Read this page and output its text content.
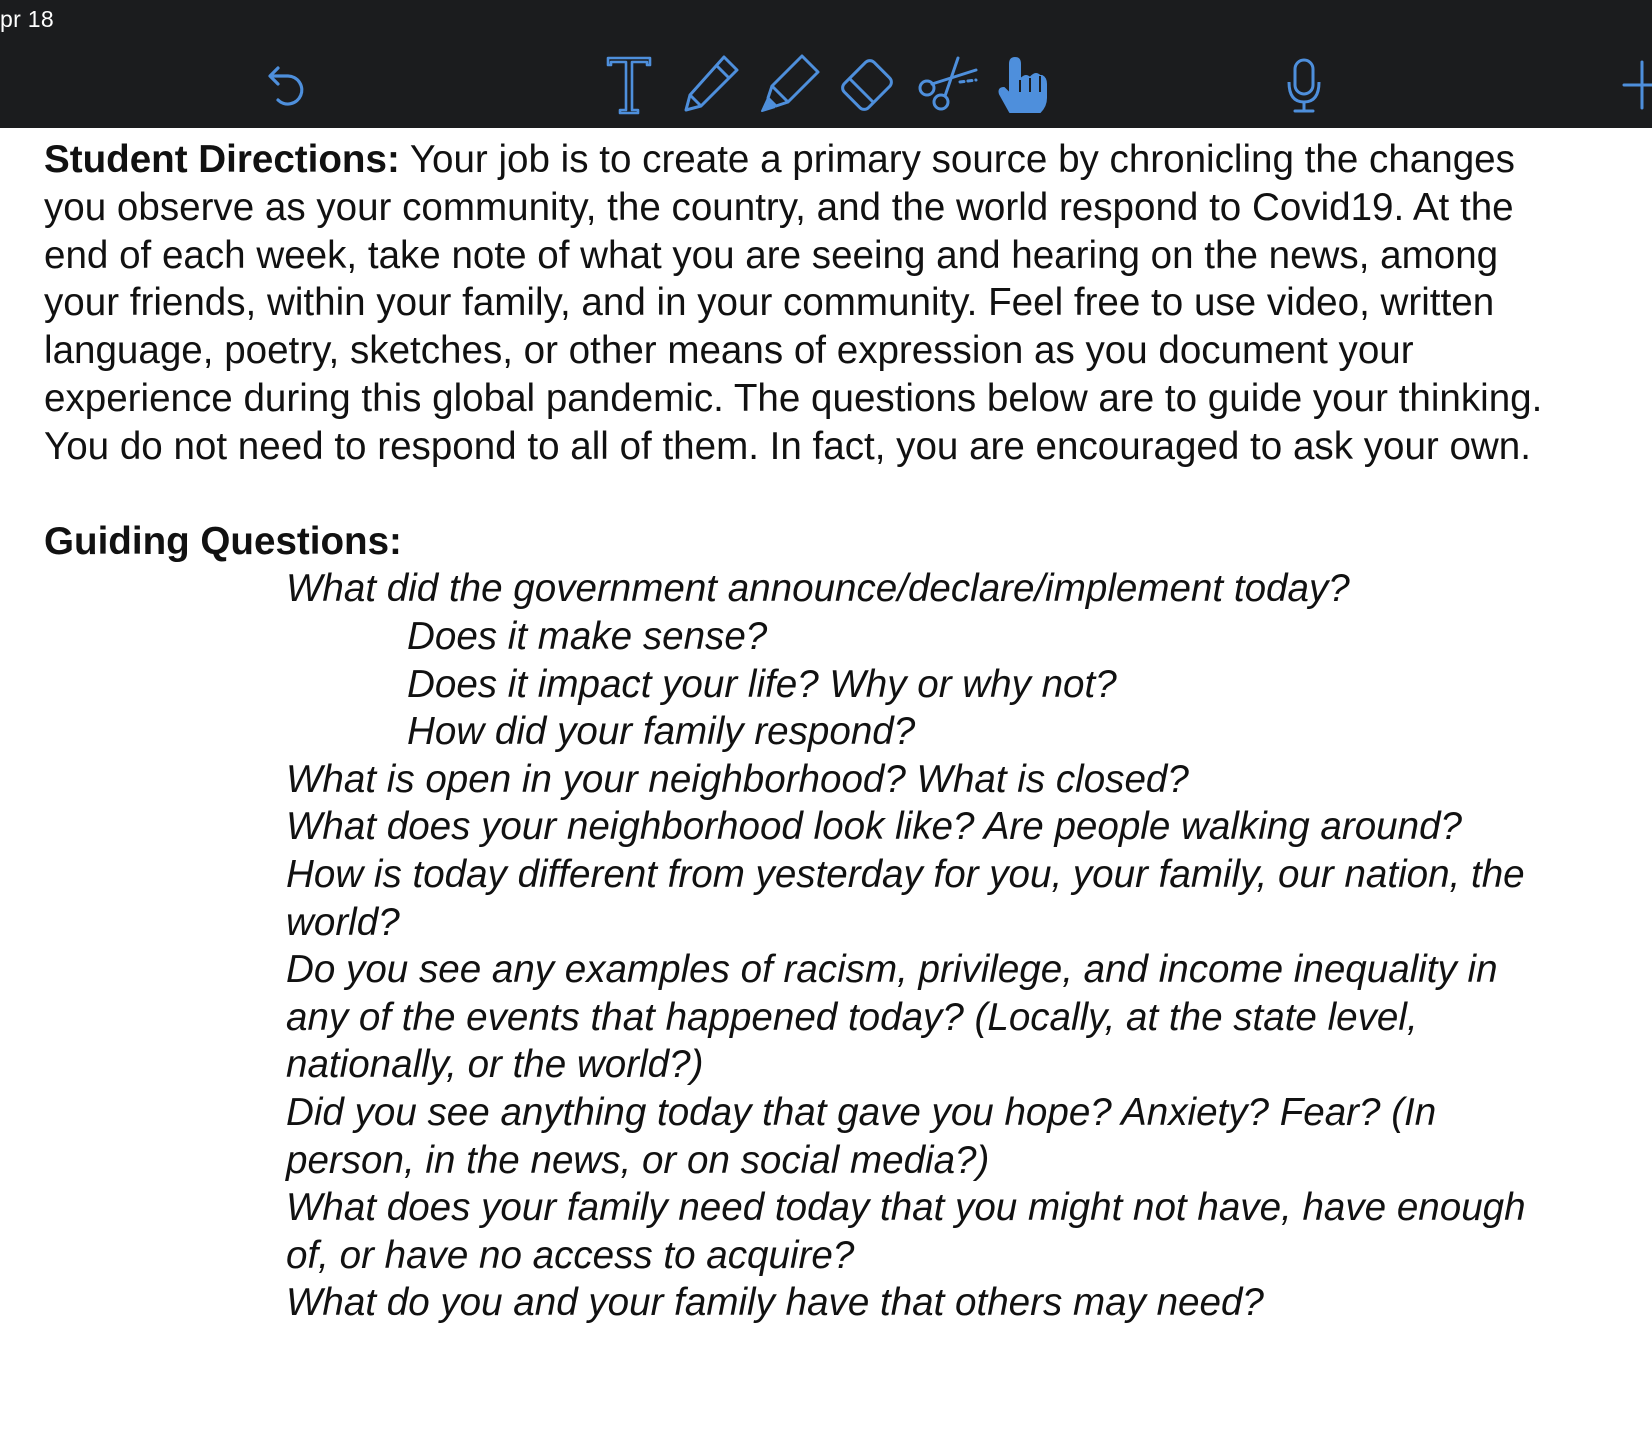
pr 18

Student Directions: Your job is to create a primary source by chronicling the changes
you observe as your community, the country, and the world respond to Covid19. At the
end of each week, take note of what you are seeing and hearing on the news, among
your friends, within your family, and in your community. Feel free to use video, written
language, poetry, sketches, or other means of expression as you document your
experience during this global pandemic. The questions below are to guide your thinking.
You do not need to respond to all of them. In fact, you are encouraged to ask your own.

Guiding Questions:
What did the government announce/declare/implement today?
Does it make sense?
Does it impact your life? Why or why not?
How did your family respond?
What is open in your neighborhood? What is closed?
What does your neighborhood look like? Are people walking around?
How is today different from yesterday for you, your family, our nation, the
world?
Do you see any examples of racism, privilege, and income inequality in
any of the events that happened today? (Locally, at the state level,
nationally, or the world?)
Did you see anything today that gave you hope? Anxiety? Fear? (In
person, in the news, or on social media?)
What does your family need today that you might not have, have enough
of, or have no access to acquire?
What do you and your family have that others may need?
